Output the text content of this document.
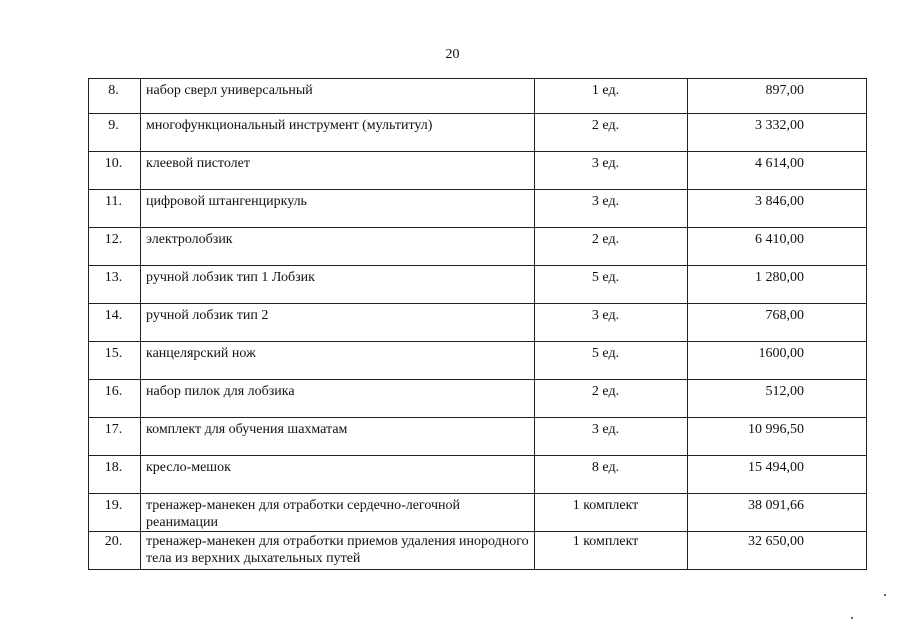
20
8.	набор сверл универсальный	1 ед.	897,00
9.	многофункциональный инструмент (мультитул)	2 ед.	3 332,00
10.	клеевой пистолет	3 ед.	4 614,00
11.	цифровой штангенциркуль	3 ед.	3 846,00
12.	электролобзик	2 ед.	6 410,00
13.	ручной лобзик тип 1 Лобзик	5 ед.	1 280,00
14.	ручной лобзик тип 2	3 ед.	768,00
15.	канцелярский нож	5 ед.	1600,00
16.	набор пилок для лобзика	2 ед.	512,00
17.	комплект для обучения шахматам	3 ед.	10 996,50
18.	кресло-мешок	8 ед.	15 494,00
19.	тренажер-манекен для отработки сердечно-легочной реанимации	1 комплект	38 091,66
20.	тренажер-манекен для отработки приемов удаления инородного тела из верхних дыхательных путей	1 комплект	32 650,00
